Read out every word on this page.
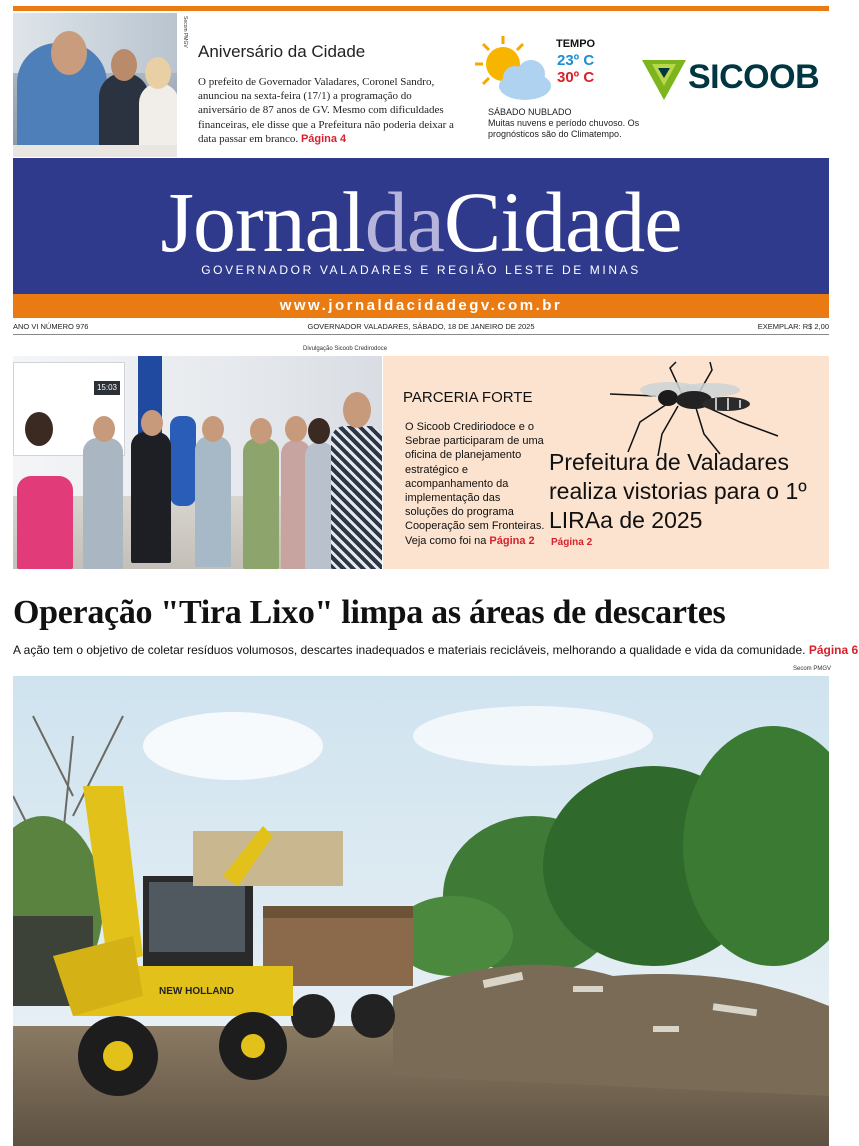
Secom PMGV
Aniversário da Cidade
O prefeito de Governador Valadares, Coronel Sandro, anunciou na sexta-feira (17/1) a programação do aniversário de 87 anos de GV. Mesmo com dificuldades financeiras, ele disse que a Prefeitura não poderia deixar a data passar em branco. Página 4
TEMPO
23º C
30º C
SÁBADO NUBLADO
Muitas nuvens e período chuvoso. Os prognósticos são do Climatempo.
SICOOB
JornaldaCidade
GOVERNADOR VALADARES E REGIÃO LESTE DE MINAS
www.jornaldacidadegv.com.br
ANO VI NÚMERO 976	GOVERNADOR VALADARES, SÁBADO, 18 DE JANEIRO DE 2025	EXEMPLAR: R$ 2,00
Divulgação Sicoob Credirodoce
15:03
PARCERIA FORTE
O Sicoob Crediriodoce e o Sebrae participaram de uma oficina de planejamento estratégico e acompanhamento da implementação das soluções do programa Cooperação sem Fronteiras. Veja como foi na Página 2
Prefeitura de Valadares realiza vistorias para o 1º LIRAa de 2025
Página 2
Operação "Tira Lixo" limpa as áreas de descartes
A ação tem o objetivo de coletar resíduos volumosos, descartes inadequados e materiais recicláveis, melhorando a qualidade e vida da comunidade. Página 6
Secom PMGV
NEW HOLLAND
